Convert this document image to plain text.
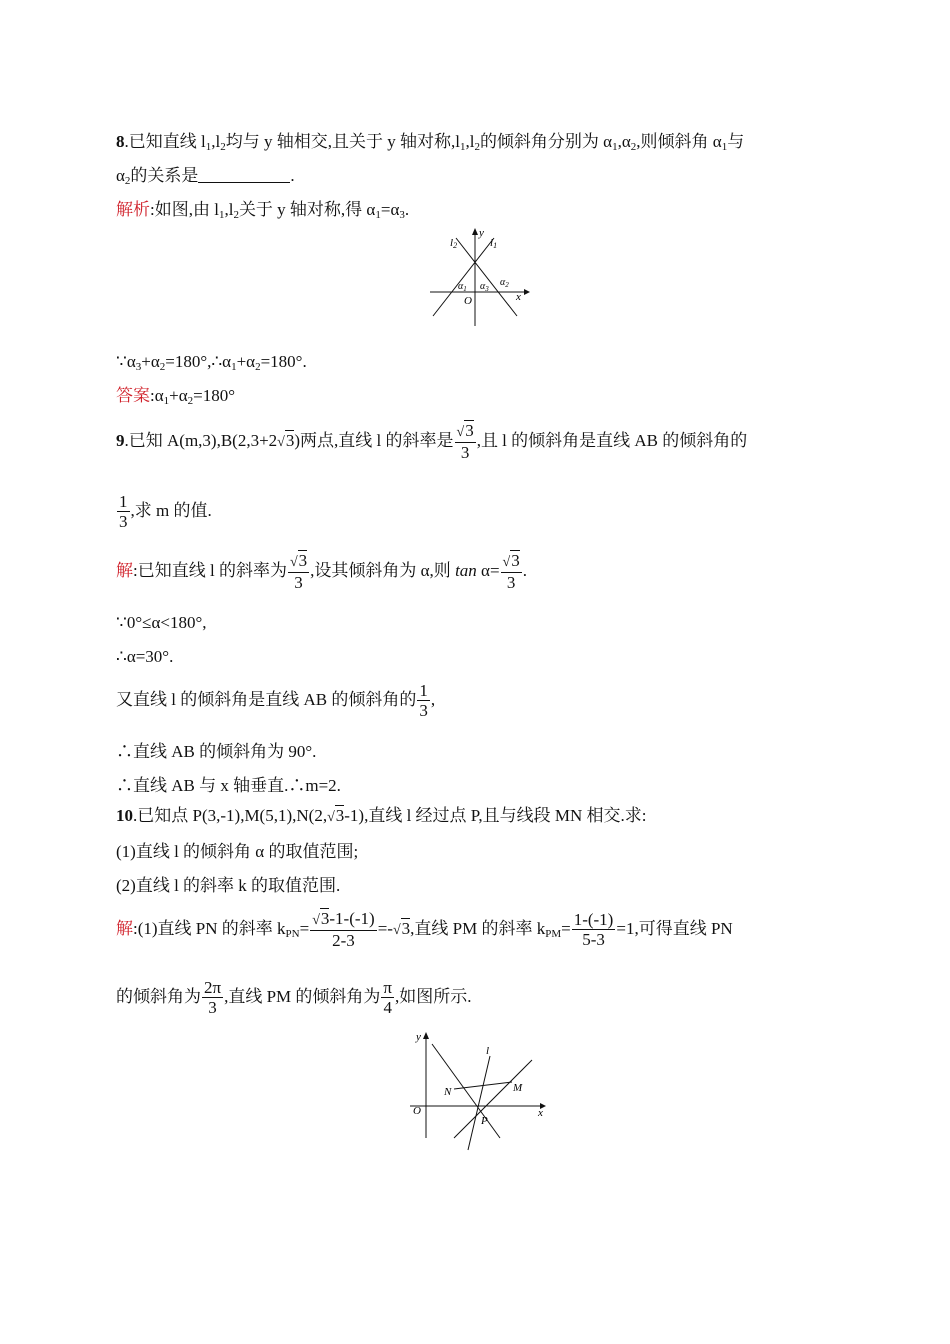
8.已知直线 $l_1,l_2$均与 y 轴相交,且关于 y 轴对称$,l_1,l_2$的倾斜角分别为 $\alpha_1,\alpha_2$,则倾斜角 $\alpha_1$与
$\alpha_2$的关系是	.
解析:如图,由 $l_1,l_2$关于 y 轴对称,得 $\alpha_1=\alpha_3$.
l2	l1
y
x
O
$\alpha_1$ $\alpha_3$
$\alpha_2$
$\because\alpha_3+\alpha_2=180^\circ,\therefore\alpha_1+\alpha_2=180^\circ$.
答案$:\alpha_1+\alpha_2=180^\circ$
9.已知 A(m,3),B(2,3+2√3)两点,直线 l 的斜率是 $\frac{√3}{3}$ ,且 l 的倾斜角是直线 AB 的倾斜角的
$\frac{1}{3}$ ,求 m 的值.
解:已知直线 l 的斜率为 $\frac{√3}{3}$ ,设其倾斜角为 α,则 $\tan \alpha= \frac{√3}{3}$ .
∵0°≤α<180°,
∴α=30°.
又直线 l 的倾斜角是直线 AB 的倾斜角的 $\frac{1}{3}$ ,
∴直线 AB 的倾斜角为 90°.
∴直线 AB 与 x 轴垂直.∴m=2.
10.已知点 P(3,-1),M(5,1),N(2,√3-1),直线 l 经过点 P,且与线段 MN 相交.求:
(1)直线 l 的倾斜角 α 的取值范围;
(2)直线 l 的斜率 k 的取值范围.
解:(1)直线 PN 的斜率 $k_{PN}= \frac{√3-1-(-1)}{2-3} =-√3$,直线 PM 的斜率 $k_{PM}= \frac{1-(-1)}{5-3} =1$,可得直线 PN
的倾斜角为 $\frac{2\pi}{3}$ ,直线 PM 的倾斜角为 $\frac{\pi}{4}$ ,如图所示.
y
l
N	M
O	x
P
